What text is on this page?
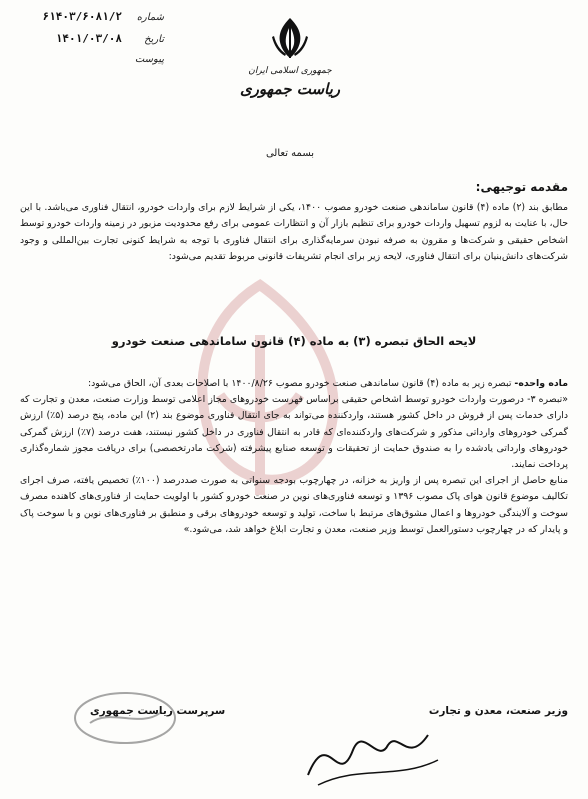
شماره
۶۱۴۰۳/۶۰۸۱/۲
تاریخ
۱۴۰۱/۰۳/۰۸
پیوست
جمهوری اسلامی ایران
ریاست جمهوری
بسمه تعالی
مقدمه توجیهی:
مطابق بند (۲) ماده (۴) قانون ساماندهی صنعت خودرو مصوب ۱۴۰۰، یکی از شرایط لازم برای واردات خودرو، انتقال فناوری می‌باشد. با این حال، با عنایت به لزوم تسهیل واردات خودرو برای تنظیم بازار آن و انتظارات عمومی برای رفع محدودیت مزبور در زمینه واردات خودرو توسط اشخاص حقیقی و شرکت‌ها و مقرون به صرفه نبودن سرمایه‌گذاری برای انتقال فناوری با توجه به شرایط کنونی تجارت بین‌المللی و وجود شرکت‌های دانش‌بنیان برای انتقال فناوری، لایحه زیر برای انجام تشریفات قانونی مربوط تقدیم می‌شود:
لایحه الحاق تبصره (۳) به ماده (۴) قانون ساماندهی صنعت خودرو
ماده واحده- تبصره زیر به ماده (۴) قانون ساماندهی صنعت خودرو مصوب ۱۴۰۰/۸/۲۶ با اصلاحات بعدی آن، الحاق می‌شود:
«تبصره ۳- درصورت واردات خودرو توسط اشخاص حقیقی براساس فهرست خودروهای مجاز اعلامی توسط وزارت صنعت، معدن و تجارت که دارای خدمات پس از فروش در داخل کشور هستند، واردکننده می‌تواند به جای انتقال فناوری موضوع بند (۲) این ماده، پنج درصد (۵٪) ارزش گمرکی خودروهای وارداتی مذکور و شرکت‌های واردکننده‌ای که قادر به انتقال فناوری در داخل کشور نیستند، هفت درصد (۷٪) ارزش گمرکی خودروهای وارداتی یادشده را به صندوق حمایت از تحقیقات و توسعه صنایع پیشرفته (شرکت مادرتخصصی) برای دریافت مجوز شماره‌گذاری پرداخت نمایند.
منابع حاصل از اجرای این تبصره پس از واریز به خزانه، در چهارچوب بودجه سنواتی به صورت صددرصد (۱۰۰٪) تخصیص یافته، صرف اجرای تکالیف موضوع قانون هوای پاک مصوب ۱۳۹۶ و توسعه فناوری‌های نوین در صنعت خودرو کشور با اولویت حمایت از فناوری‌های کاهنده مصرف سوخت و آلایندگی خودروها و اعمال مشوق‌های مرتبط با ساخت، تولید و توسعه خودروهای برقی و منطبق بر فناوری‌های نوین و با سوخت پاک و پایدار که در چهارچوب دستورالعمل توسط وزیر صنعت، معدن و تجارت ابلاغ خواهد شد، می‌شود.»
وزیر صنعت، معدن و تجارت
سرپرست ریاست جمهوری
